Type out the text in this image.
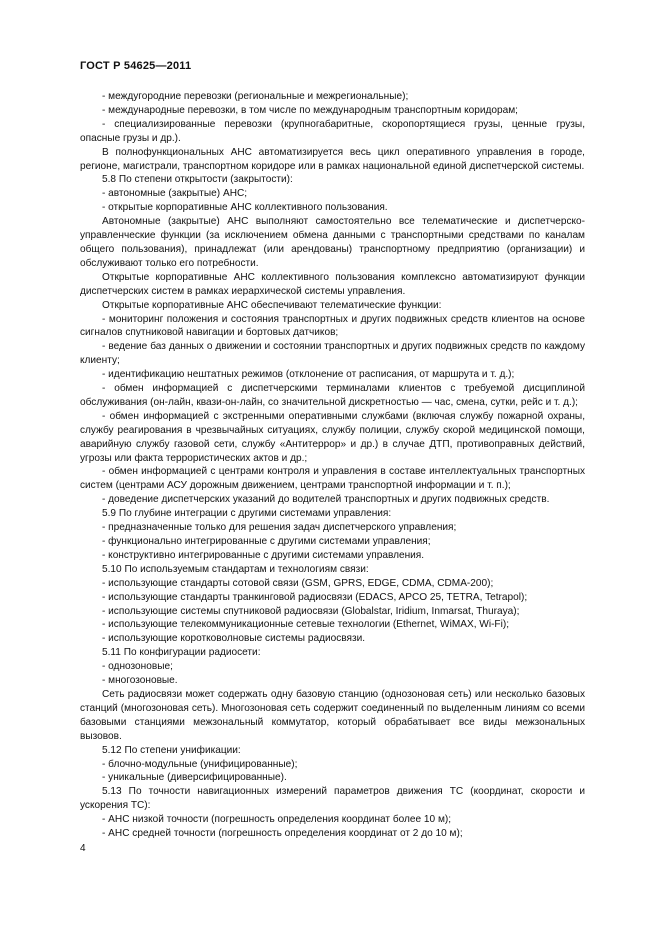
ГОСТ Р 54625—2011

- междугородние перевозки (региональные и межрегиональные);

- международные перевозки, в том числе по международным транспортным коридорам;

- специализированные перевозки (крупногабаритные, скоропортящиеся грузы, ценные грузы, опасные грузы и др.).

В полнофункциональных АНС автоматизируется весь цикл оперативного управления в городе, регионе, магистрали, транспортном коридоре или в рамках национальной единой диспетчерской системы.

5.8 По степени открытости (закрытости):

- автономные (закрытые) АНС;

- открытые корпоративные АНС коллективного пользования.

Автономные (закрытые) АНС выполняют самостоятельно все телематические и диспетчерско-управленческие функции (за исключением обмена данными с транспортными средствами по каналам общего пользования), принадлежат (или арендованы) транспортному предприятию (организации) и обслуживают только его потребности.

Открытые корпоративные АНС коллективного пользования комплексно автоматизируют функции диспетчерских систем в рамках иерархической системы управления.

Открытые корпоративные АНС обеспечивают телематические функции:

- мониторинг положения и состояния транспортных и других подвижных средств клиентов на основе сигналов спутниковой навигации и бортовых датчиков;

- ведение баз данных о движении и состоянии транспортных и других подвижных средств по каждому клиенту;

- идентификацию нештатных режимов (отклонение от расписания, от маршрута и т. д.);

- обмен информацией с диспетчерскими терминалами клиентов с требуемой дисциплиной обслуживания (он-лайн, квази-он-лайн, со значительной дискретностью — час, смена, сутки, рейс и т. д.);

- обмен информацией с экстренными оперативными службами (включая службу пожарной охраны, службу реагирования в чрезвычайных ситуациях, службу полиции, службу скорой медицинской помощи, аварийную службу газовой сети, службу «Антитеррор» и др.) в случае ДТП, противоправных действий, угрозы или факта террористических актов и др.;

- обмен информацией с центрами контроля и управления в составе интеллектуальных транспортных систем (центрами АСУ дорожным движением, центрами транспортной информации и т. п.);

- доведение диспетчерских указаний до водителей транспортных и других подвижных средств.

5.9 По глубине интеграции с другими системами управления:

- предназначенные только для решения задач диспетчерского управления;

- функционально интегрированные с другими системами управления;

- конструктивно интегрированные с другими системами управления.

5.10 По используемым стандартам и технологиям связи:

- использующие стандарты сотовой связи (GSM, GPRS, EDGE, CDMA, CDMA-200);

- использующие стандарты транкинговой радиосвязи (EDACS, APCO 25, TETRA, Tetrapol);

- использующие системы спутниковой радиосвязи (Globalstar, Iridium, Inmarsat, Thuraya);

- использующие телекоммуникационные сетевые технологии (Ethernet, WiMAX, Wi-Fi);

- использующие коротковолновые системы радиосвязи.

5.11 По конфигурации радиосети:

- однозоновые;

- многозоновые.

Сеть радиосвязи может содержать одну базовую станцию (однозоновая сеть) или несколько базовых станций (многозоновая сеть). Многозоновая сеть содержит соединенный по выделенным линиям со всеми базовыми станциями межзональный коммутатор, который обрабатывает все виды межзональных вызовов.

5.12 По степени унификации:

- блочно-модульные (унифицированные);

- уникальные (диверсифицированные).

5.13 По точности навигационных измерений параметров движения ТС (координат, скорости и ускорения ТС):

- АНС низкой точности (погрешность определения координат более 10 м);

- АНС средней точности (погрешность определения координат от 2 до 10 м);

4
